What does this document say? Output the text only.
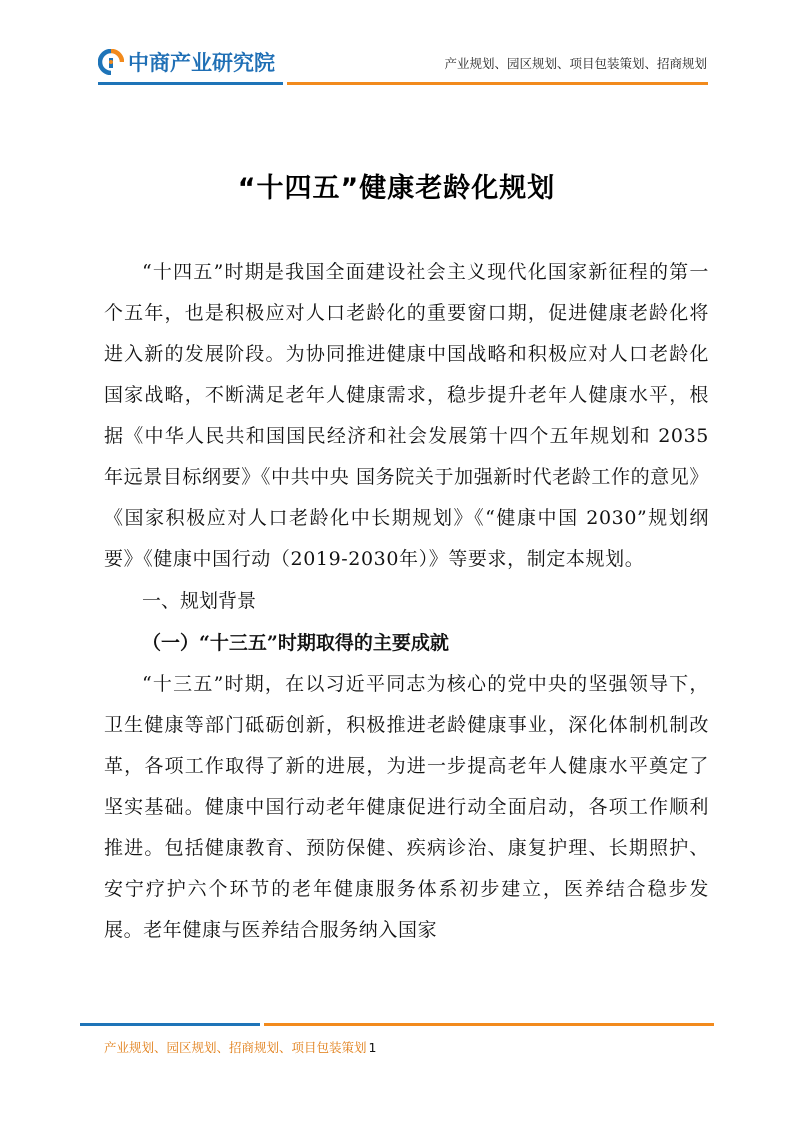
中商产业研究院	产业规划、园区规划、项目包装策划、招商规划
“十四五”健康老龄化规划

“十四五”时期是我国全面建设社会主义现代化国家新征程的第一个五年，也是积极应对人口老龄化的重要窗口期，促进健康老龄化将进入新的发展阶段。为协同推进健康中国战略和积极应对人口老龄化国家战略，不断满足老年人健康需求，稳步提升老年人健康水平，根据《中华人民共和国国民经济和社会发展第十四个五年规划和 2035 年远景目标纲要》《中共中央 国务院关于加强新时代老龄工作的意见》《国家积极应对人口老龄化中长期规划》《“健康中国 2030”规划纲要》《健康中国行动（2019-2030年）》等要求，制定本规划。

一、规划背景
（一）“十三五”时期取得的主要成就

“十三五”时期，在以习近平同志为核心的党中央的坚强领导下，卫生健康等部门砥砺创新，积极推进老龄健康事业，深化体制机制改革，各项工作取得了新的进展，为进一步提高老年人健康水平奠定了坚实基础。健康中国行动老年健康促进行动全面启动，各项工作顺利推进。包括健康教育、预防保健、疾病诊治、康复护理、长期照护、安宁疗护六个环节的老年健康服务体系初步建立，医养结合稳步发展。老年健康与医养结合服务纳入国家

产业规划、园区规划、招商规划、项目包装策划 1
